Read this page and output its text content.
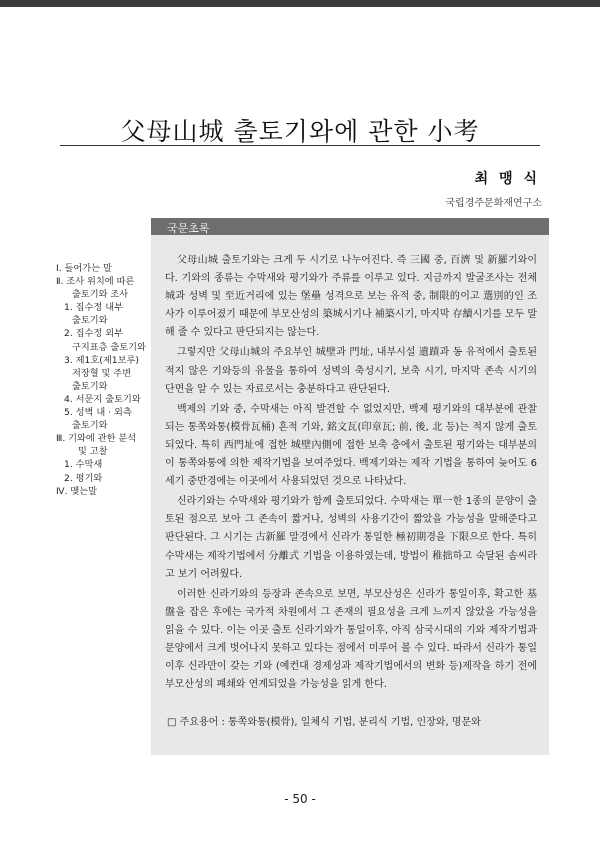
父母山城 출토기와에 관한 小考
최 맹 식
국립경주문화재연구소
국문초록

父母山城 출토기와는 크게 두 시기로 나누어진다. 즉 三國 중, 百濟 및 新羅기와이다. 기와의 종류는 수막새와 평기와가 주류를 이루고 있다. 지금까지 발굴조사는 전체 城과 성벽 및 至近거리에 있는 堡壘 성격으로 보는 유적 중, 制限的이고 選別的인 조사가 이루어졌기 때문에 부모산성의 築城시기나 補築시기, 마지막 存續시기를 모두 말해 줄 수 있다고 판단되지는 않는다.

그렇지만 父母山城의 주요부인 城壁과 門址, 내부시설 遺蹟과 동 유적에서 출토된 적지 않은 기와등의 유물을 통하여 성벽의 축성시기, 보축 시기, 마지막 존속 시기의 단면을 알 수 있는 자료로서는 충분하다고 판단된다.

백제의 기와 중, 수막새는 아직 발견할 수 없었지만, 백제 평기와의 대부분에 관찰되는 통쪽와통(模骨瓦桶) 흔적 기와, 銘文瓦(印章瓦; 前, 後, 北 등)는 적지 않게 출토되었다. 특히 西門址에 접한 城壁內側에 접한 보축 층에서 출토된 평기와는 대부분의 이 통쪽와통에 의한 제작기법을 보여주었다. 백제기와는 제작 기법을 통하여 늦어도 6세기 중반경에는 이곳에서 사용되었던 것으로 나타났다.

신라기와는 수막새와 평기와가 함께 출토되었다. 수막새는 單一한 1종의 문양이 출토된 점으로 보아 그 존속이 짧거나, 성벽의 사용기간이 짧았을 가능성을 말해준다고 판단된다. 그 시기는 古新羅 말경에서 신라가 통일한 極初期경을 下限으로 한다. 특히 수막새는 제작기법에서 分離式 기법을 이용하였는데, 방법이 稚拙하고 숙달된 솜씨라고 보기 어려웠다.

이러한 신라기와의 등장과 존속으로 보면, 부모산성은 신라가 통일이후, 확고한 基盤을 잡은 후에는 국가적 차원에서 그 존재의 필요성을 크게 느끼지 않았을 가능성을 읽을 수 있다. 이는 이곳 출토 신라기와가 통일이후, 아직 삼국시대의 기와 제작기법과 문양에서 크게 벗어나지 못하고 있다는 점에서 미루어 볼 수 있다. 따라서 신라가 통일 이후 신라만이 갖는 기와 (예컨대 경제성과 제작기법에서의 변화 등)제작을 하기 전에 부모산성의 폐쇄와 연계되었을 가능성을 읽게 한다.

□ 주요용어 : 통쪽와통(模骨), 일체식 기법, 분리식 기법, 인장와, 명문와
Ⅰ. 들어가는 말
Ⅱ. 조사 위치에 따른
출토기와 조사
1. 집수정 내부
출토기와
2. 집수정 외부
구지표층 출토기와
3. 제1호(제1보루)
저장혈 및 주변
출토기와
4. 서문지 출토기와
5. 성벽 내 · 외측
출토기와
Ⅲ. 기와에 관한 분석
및 고찰
1. 수막새
2. 평기와
Ⅳ. 맺는말
- 50 -
